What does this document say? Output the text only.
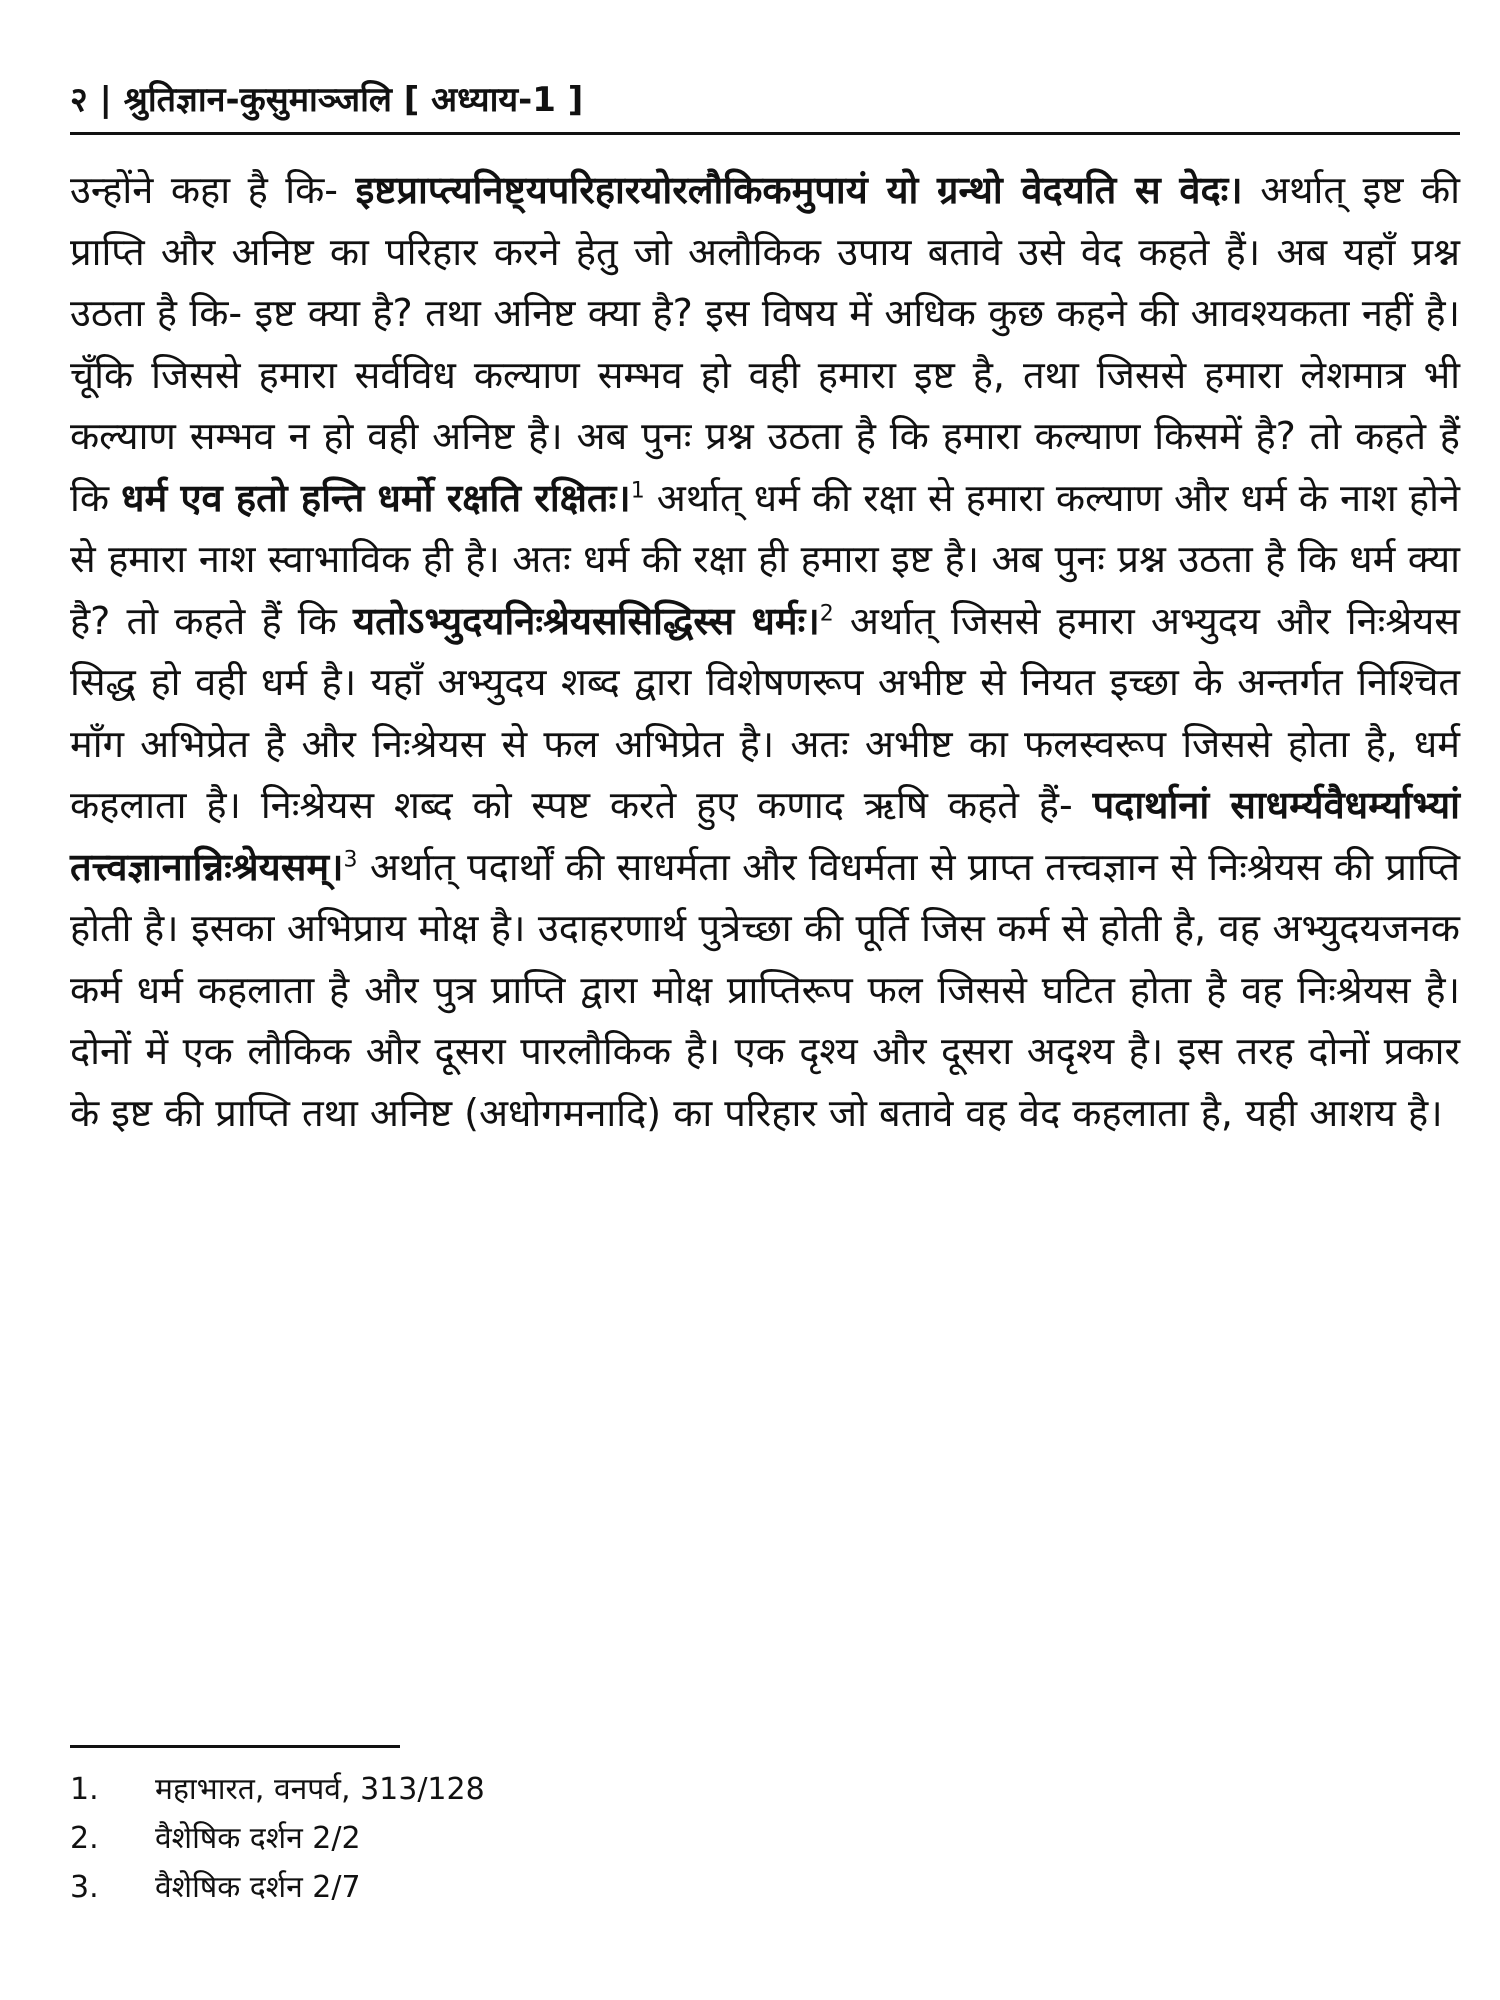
२ | श्रुतिज्ञान-कुसुमाञ्जलि [ अध्याय-1 ]
उन्होंने कहा है कि- इष्टप्राप्त्यनिष्ट्यपरिहारयोरलौकिकमुपायं यो ग्रन्थो वेदयति स वेदः। अर्थात् इष्ट की प्राप्ति और अनिष्ट का परिहार करने हेतु जो अलौकिक उपाय बतावे उसे वेद कहते हैं। अब यहाँ प्रश्न उठता है कि- इष्ट क्या है? तथा अनिष्ट क्या है? इस विषय में अधिक कुछ कहने की आवश्यकता नहीं है। चूँकि जिससे हमारा सर्वविध कल्याण सम्भव हो वही हमारा इष्ट है, तथा जिससे हमारा लेशमात्र भी कल्याण सम्भव न हो वही अनिष्ट है। अब पुनः प्रश्न उठता है कि हमारा कल्याण किसमें है? तो कहते हैं कि धर्म एव हतो हन्ति धर्मो रक्षति रक्षितः।$^1$ अर्थात् धर्म की रक्षा से हमारा कल्याण और धर्म के नाश होने से हमारा नाश स्वाभाविक ही है। अतः धर्म की रक्षा ही हमारा इष्ट है। अब पुनः प्रश्न उठता है कि धर्म क्या है? तो कहते हैं कि यतोऽभ्युदयनिःश्रेयससिद्धिस्स धर्मः।$^2$ अर्थात् जिससे हमारा अभ्युदय और निःश्रेयस सिद्ध हो वही धर्म है। यहाँ अभ्युदय शब्द द्वारा विशेषणरूप अभीष्ट से नियत इच्छा के अन्तर्गत निश्चित माँग अभिप्रेत है और निःश्रेयस से फल अभिप्रेत है। अतः अभीष्ट का फलस्वरूप जिससे होता है, धर्म कहलाता है। निःश्रेयस शब्द को स्पष्ट करते हुए कणाद ऋषि कहते हैं- पदार्थानां साधर्म्यवैधर्म्याभ्यां तत्त्वज्ञानान्निःश्रेयसम्।$^3$ अर्थात् पदार्थों की साधर्मता और विधर्मता से प्राप्त तत्त्वज्ञान से निःश्रेयस की प्राप्ति होती है। इसका अभिप्राय मोक्ष है। उदाहरणार्थ पुत्रेच्छा की पूर्ति जिस कर्म से होती है, वह अभ्युदयजनक कर्म धर्म कहलाता है और पुत्र प्राप्ति द्वारा मोक्ष प्राप्तिरूप फल जिससे घटित होता है वह निःश्रेयस है। दोनों में एक लौकिक और दूसरा पारलौकिक है। एक दृश्य और दूसरा अदृश्य है। इस तरह दोनों प्रकार के इष्ट की प्राप्ति तथा अनिष्ट (अधोगमनादि) का परिहार जो बतावे वह वेद कहलाता है, यही आशय है।
1.	महाभारत, वनपर्व, 313/128
2.	वैशेषिक दर्शन 2/2
3.	वैशेषिक दर्शन 2/7
